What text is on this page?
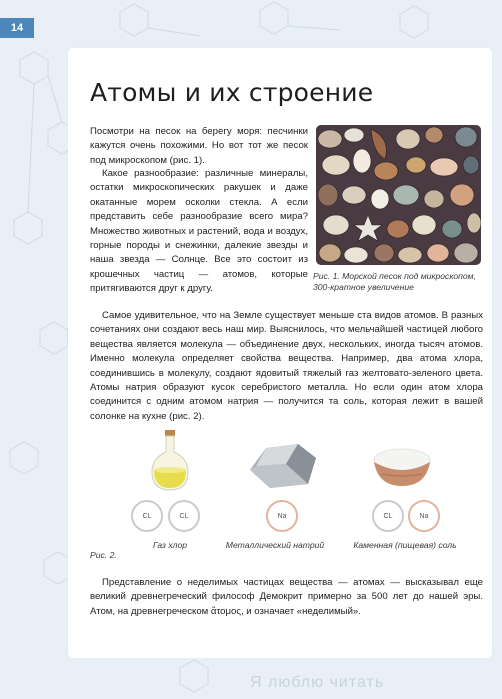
14
Атомы и их строение

Посмотри на песок на берегу моря: песчинки кажутся очень похожими. Но вот тот же песок под микроскопом (рис. 1).

Какое разнообразие: различные минералы, остатки микроскопических ракушек и даже окатанные морем осколки стекла. А если представить себе разнообразие всего мира? Множество животных и растений, вода и воздух, горные породы и снежинки, далекие звезды и наша звезда — Солнце. Все это состоит из крошечных частиц — атомов, которые притягиваются друг к другу.

Рис. 1. Морской песок под микроскопом, 300-кратное увеличение

Самое удивительное, что на Земле существует меньше ста видов атомов. В разных сочетаниях они создают весь наш мир. Выяснилось, что мельчайшей частицей любого вещества является молекула — объединение двух, нескольких, иногда тысяч атомов. Именно молекула определяет свойства вещества. Например, два атома хлора, соединившись в молекулу, создают ядовитый тяжелый газ желтовато-зеленого цвета. Атомы натрия образуют кусок серебристого металла. Но если один атом хлора соединится с одним атомом натрия — получится та соль, которая лежит в вашей солонке на кухне (рис. 2).

CL	CL	Na	CL	Na

Рис. 2.

Газ хлор	Металлический натрий	Каменная (пищевая) соль

Представление о неделимых частицах вещества — атомах — высказывал еще великий древнегреческий философ Демокрит примерно за 500 лет до нашей эры. Атом, на древнегреческом ἄτομος, и означает «неделимый».

Я люблю читать
